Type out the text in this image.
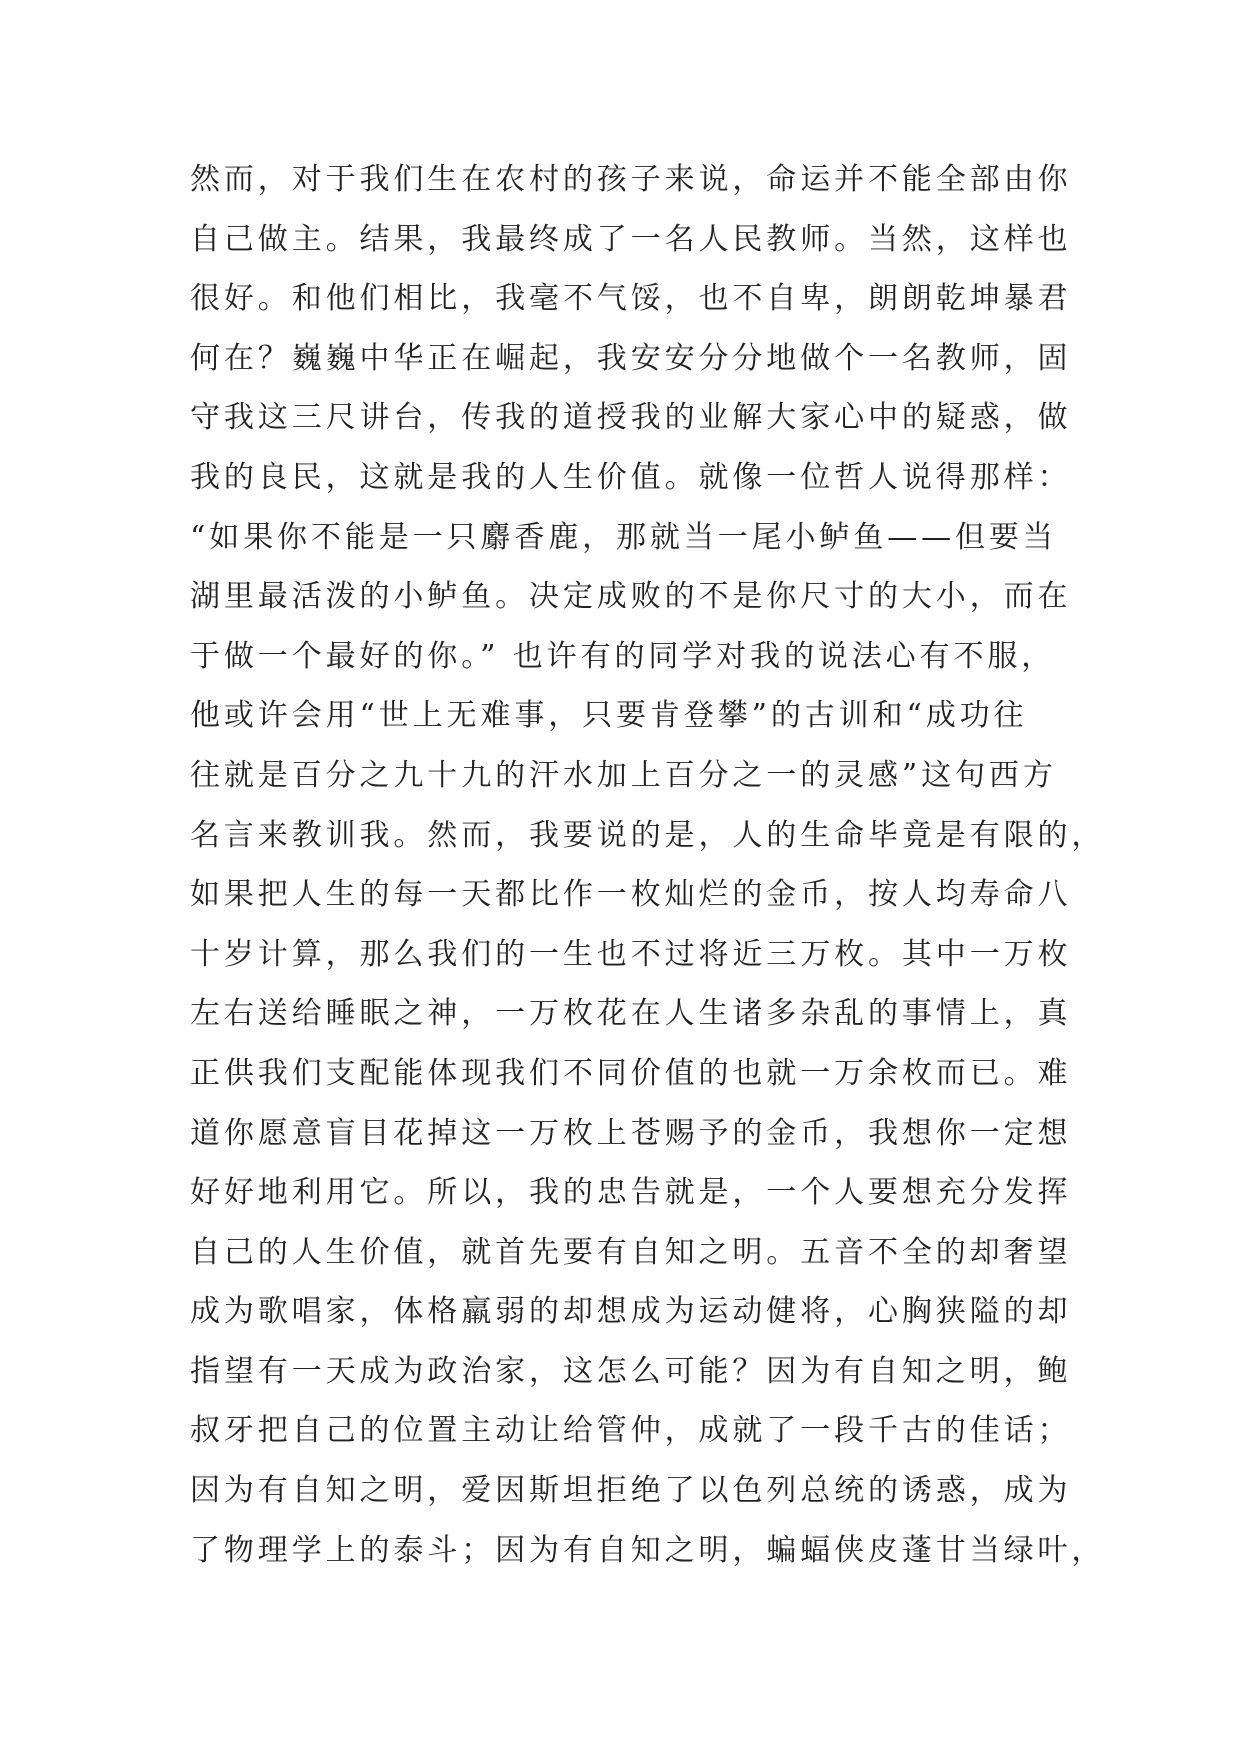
然而，对于我们生在农村的孩子来说，命运并不能全部由你
自己做主。结果，我最终成了一名人民教师。当然，这样也
很好。和他们相比，我毫不气馁，也不自卑，朗朗乾坤暴君
何在？巍巍中华正在崛起，我安安分分地做个一名教师，固
守我这三尺讲台，传我的道授我的业解大家心中的疑惑，做
我的良民，这就是我的人生价值。就像一位哲人说得那样：
“如果你不能是一只麝香鹿，那就当一尾小鲈鱼——但要当
湖里最活泼的小鲈鱼。决定成败的不是你尺寸的大小，而在
于做一个最好的你。” 也许有的同学对我的说法心有不服，
他或许会用“世上无难事，只要肯登攀”的古训和“成功往
往就是百分之九十九的汗水加上百分之一的灵感”这句西方
名言来教训我。然而，我要说的是，人的生命毕竟是有限的，
如果把人生的每一天都比作一枚灿烂的金币，按人均寿命八
十岁计算，那么我们的一生也不过将近三万枚。其中一万枚
左右送给睡眠之神，一万枚花在人生诸多杂乱的事情上，真
正供我们支配能体现我们不同价值的也就一万余枚而已。难
道你愿意盲目花掉这一万枚上苍赐予的金币，我想你一定想
好好地利用它。所以，我的忠告就是，一个人要想充分发挥
自己的人生价值，就首先要有自知之明。五音不全的却奢望
成为歌唱家，体格羸弱的却想成为运动健将，心胸狭隘的却
指望有一天成为政治家，这怎么可能？因为有自知之明，鲍
叔牙把自己的位置主动让给管仲，成就了一段千古的佳话；
因为有自知之明，爱因斯坦拒绝了以色列总统的诱惑，成为
了物理学上的泰斗；因为有自知之明，蝙蝠侠皮蓬甘当绿叶，
